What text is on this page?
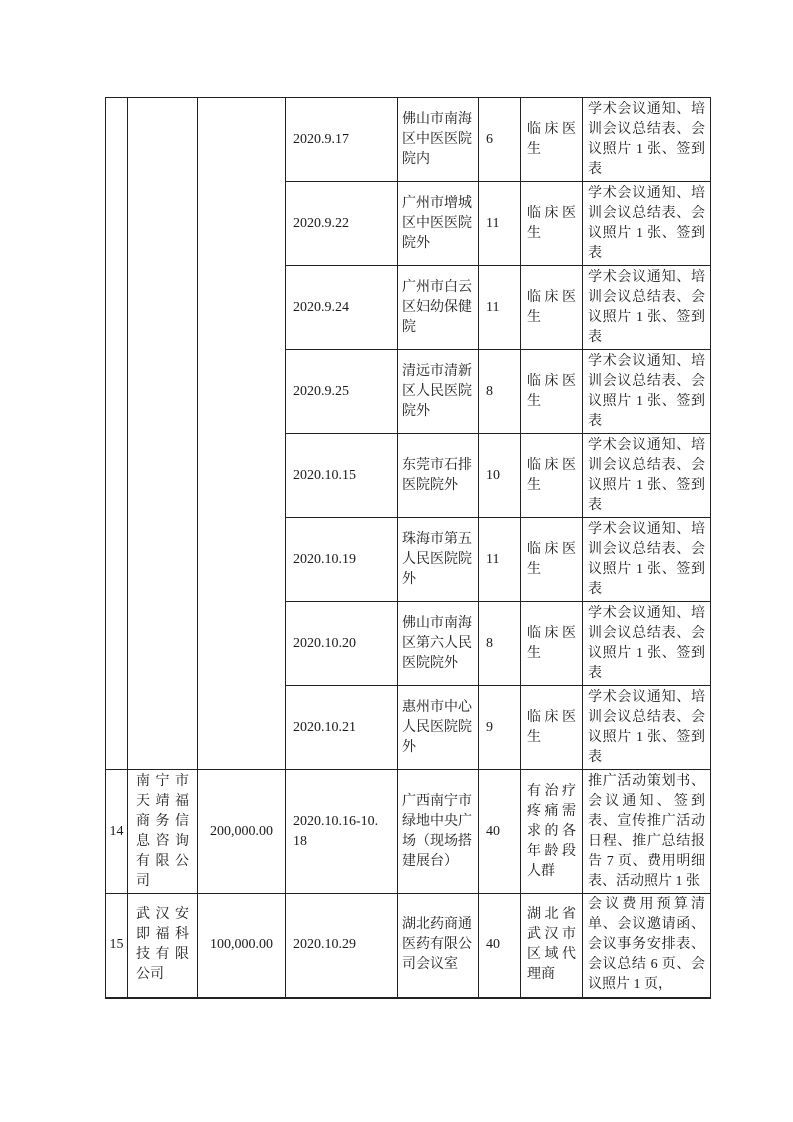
			2020.9.17	佛山市南海区中医医院院内	6	临床医生	学术会议通知、培训会议总结表、会议照片 1 张、签到表
			2020.9.22	广州市增城区中医医院院外	11	临床医生	学术会议通知、培训会议总结表、会议照片 1 张、签到表
			2020.9.24	广州市白云区妇幼保健院	11	临床医生	学术会议通知、培训会议总结表、会议照片 1 张、签到表
			2020.9.25	清远市清新区人民医院院外	8	临床医生	学术会议通知、培训会议总结表、会议照片 1 张、签到表
			2020.10.15	东莞市石排医院院外	10	临床医生	学术会议通知、培训会议总结表、会议照片 1 张、签到表
			2020.10.19	珠海市第五人民医院院外	11	临床医生	学术会议通知、培训会议总结表、会议照片 1 张、签到表
			2020.10.20	佛山市南海区第六人民医院院外	8	临床医生	学术会议通知、培训会议总结表、会议照片 1 张、签到表
			2020.10.21	惠州市中心人民医院院外	9	临床医生	学术会议通知、培训会议总结表、会议照片 1 张、签到表
14	南宁市天靖福商务信息咨询有限公司	200,000.00	2020.10.16-10.18	广西南宁市绿地中央广场（现场搭建展台）	40	有治疗疼痛需求的各年龄段人群	推广活动策划书、会议通知、签到表、宣传推广活动日程、推广总结报告 7 页、费用明细表、活动照片 1 张
15	武汉安即福科技有限公司	100,000.00	2020.10.29	湖北药商通医药有限公司会议室	40	湖北省武汉市区域代理商	会议费用预算清单、会议邀请函、会议事务安排表、会议总结 6 页、会议照片 1 页，
